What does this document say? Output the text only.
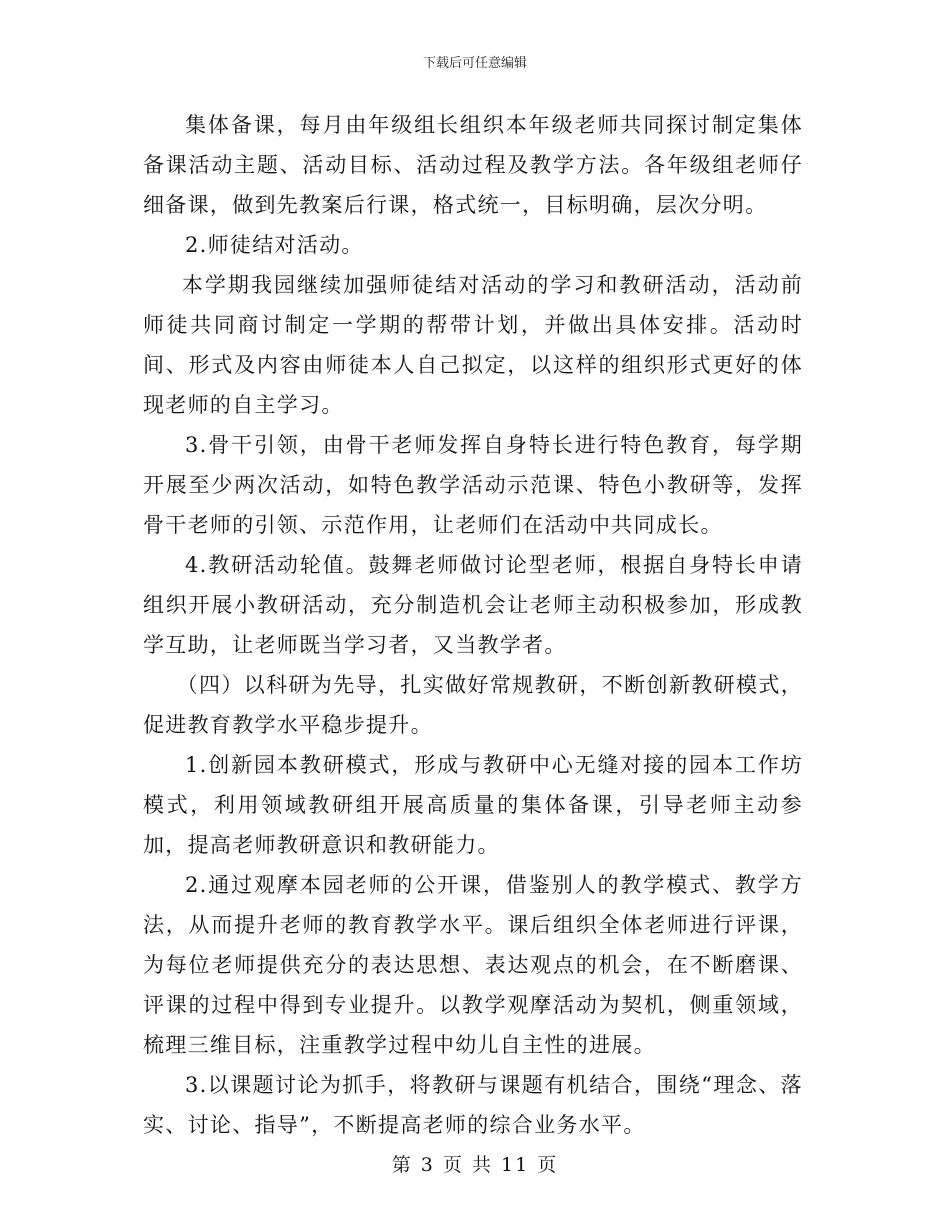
下载后可任意编辑

集体备课，每月由年级组长组织本年级老师共同探讨制定集体备课活动主题、活动目标、活动过程及教学方法。各年级组老师仔细备课，做到先教案后行课，格式统一，目标明确，层次分明。

2.师徒结对活动。

本学期我园继续加强师徒结对活动的学习和教研活动，活动前师徒共同商讨制定一学期的帮带计划，并做出具体安排。活动时间、形式及内容由师徒本人自己拟定，以这样的组织形式更好的体现老师的自主学习。

3.骨干引领，由骨干老师发挥自身特长进行特色教育，每学期开展至少两次活动，如特色教学活动示范课、特色小教研等，发挥骨干老师的引领、示范作用，让老师们在活动中共同成长。

4.教研活动轮值。鼓舞老师做讨论型老师，根据自身特长申请组织开展小教研活动，充分制造机会让老师主动积极参加，形成教学互助，让老师既当学习者，又当教学者。

（四）以科研为先导，扎实做好常规教研，不断创新教研模式，促进教育教学水平稳步提升。

1.创新园本教研模式，形成与教研中心无缝对接的园本工作坊模式，利用领域教研组开展高质量的集体备课，引导老师主动参加，提高老师教研意识和教研能力。

2.通过观摩本园老师的公开课，借鉴别人的教学模式、教学方法，从而提升老师的教育教学水平。课后组织全体老师进行评课，为每位老师提供充分的表达思想、表达观点的机会，在不断磨课、评课的过程中得到专业提升。以教学观摩活动为契机，侧重领域，梳理三维目标，注重教学过程中幼儿自主性的进展。

3.以课题讨论为抓手，将教研与课题有机结合，围绕“理念、落实、讨论、指导”，不断提高老师的综合业务水平。

第 3 页 共 11 页
